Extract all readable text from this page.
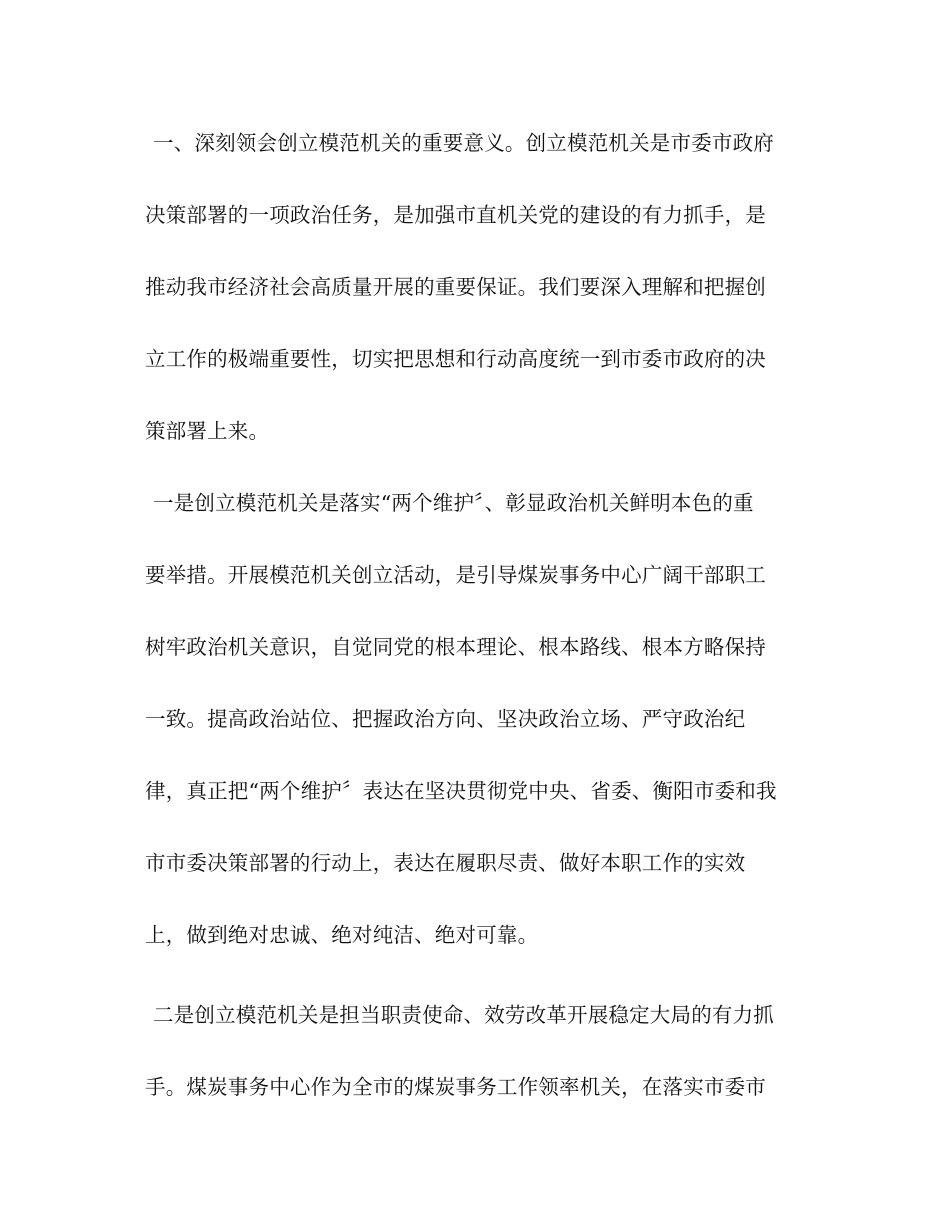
一、深刻领会创立模范机关的重要意义。创立模范机关是市委市政府
决策部署的一项政治任务，是加强市直机关党的建设的有力抓手，是
推动我市经济社会高质量开展的重要保证。我们要深入理解和把握创
立工作的极端重要性，切实把思想和行动高度统一到市委市政府的决
策部署上来。
一是创立模范机关是落实“两个维护〞、彰显政治机关鲜明本色的重
要举措。开展模范机关创立活动，是引导煤炭事务中心广阔干部职工
树牢政治机关意识，自觉同党的根本理论、根本路线、根本方略保持
一致。提高政治站位、把握政治方向、坚决政治立场、严守政治纪
律，真正把“两个维护〞表达在坚决贯彻党中央、省委、衡阳市委和我
市市委决策部署的行动上，表达在履职尽责、做好本职工作的实效
上，做到绝对忠诚、绝对纯洁、绝对可靠。
二是创立模范机关是担当职责使命、效劳改革开展稳定大局的有力抓
手。煤炭事务中心作为全市的煤炭事务工作领率机关，在落实市委市
